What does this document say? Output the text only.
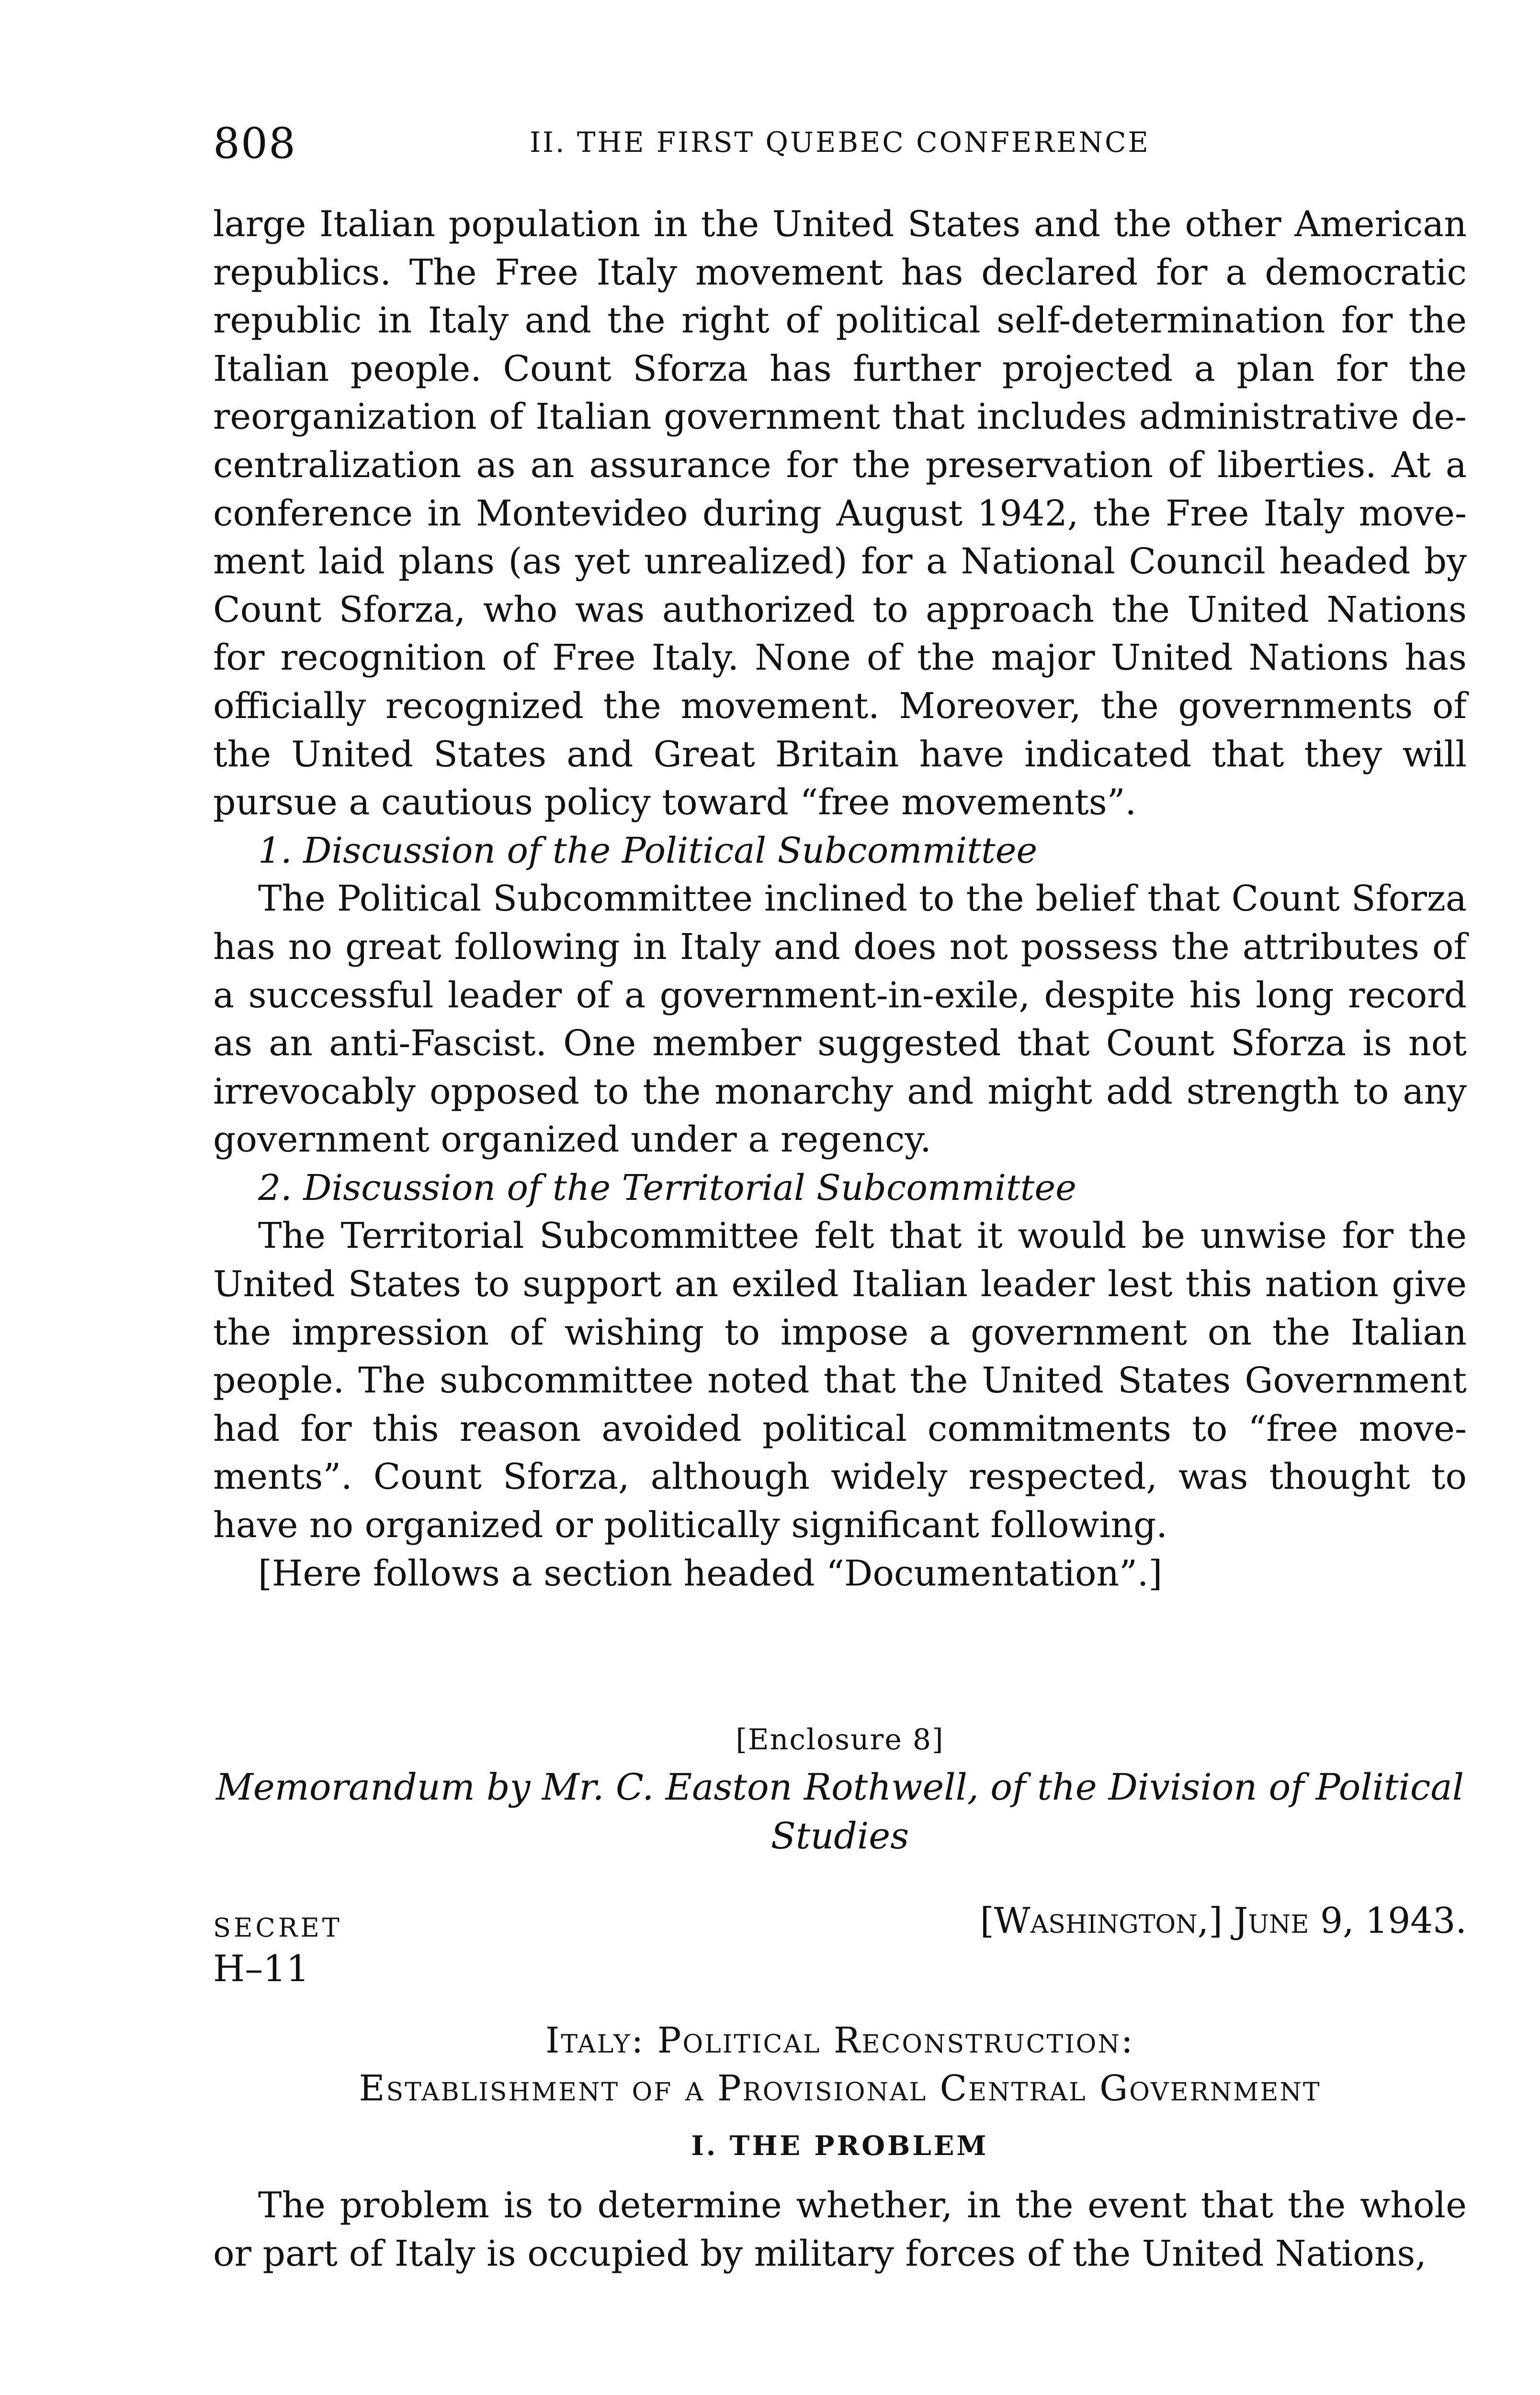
808	II. THE FIRST QUEBEC CONFERENCE

large Italian population in the United States and the other American republics. The Free Italy movement has declared for a democratic republic in Italy and the right of political self-determination for the Italian people. Count Sforza has further projected a plan for the reorganization of Italian government that includes administrative de-centralization as an assurance for the preservation of liberties. At a conference in Montevideo during August 1942, the Free Italy move-ment laid plans (as yet unrealized) for a National Council headed by Count Sforza, who was authorized to approach the United Nations for recognition of Free Italy. None of the major United Nations has officially recognized the movement. Moreover, the governments of the United States and Great Britain have indicated that they will pursue a cautious policy toward “free movements”.

1. Discussion of the Political Subcommittee

The Political Subcommittee inclined to the belief that Count Sforza has no great following in Italy and does not possess the attributes of a successful leader of a government-in-exile, despite his long record as an anti-Fascist. One member suggested that Count Sforza is not irrevocably opposed to the monarchy and might add strength to any government organized under a regency.

2. Discussion of the Territorial Subcommittee

The Territorial Subcommittee felt that it would be unwise for the United States to support an exiled Italian leader lest this nation give the impression of wishing to impose a government on the Italian people. The subcommittee noted that the United States Government had for this reason avoided political commitments to “free move-ments”. Count Sforza, although widely respected, was thought to have no organized or politically significant following.

[Here follows a section headed “Documentation”.]

[Enclosure 8]
Memorandum by Mr. C. Easton Rothwell, of the Division of Political
Studies
SECRET	[Washington,] June 9, 1943.
H–11
Italy: Political Reconstruction:
Establishment of a Provisional Central Government
I. THE PROBLEM

The problem is to determine whether, in the event that the whole or part of Italy is occupied by military forces of the United Nations,
